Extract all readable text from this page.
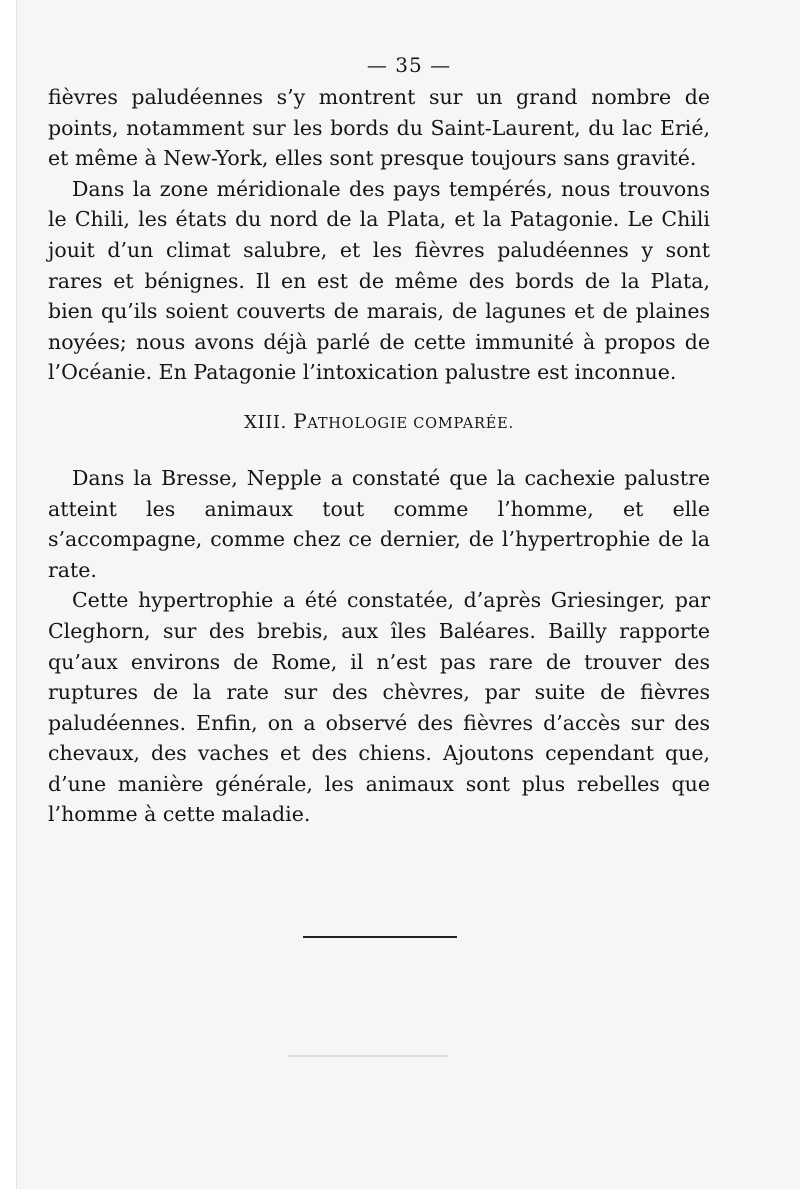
— 35 —

fièvres paludéennes s’y montrent sur un grand nombre de points, notamment sur les bords du Saint-Laurent, du lac Erié, et même à New-York, elles sont presque toujours sans gravité.

Dans la zone méridionale des pays tempérés, nous trouvons le Chili, les états du nord de la Plata, et la Patagonie. Le Chili jouit d’un climat salubre, et les fièvres paludéennes y sont rares et bénignes. Il en est de même des bords de la Plata, bien qu’ils soient couverts de marais, de lagunes et de plaines noyées; nous avons déjà parlé de cette immunité à propos de l’Océanie. En Patagonie l’intoxication palustre est inconnue.

XIII. PATHOLOGIE COMPARÉE.

Dans la Bresse, Nepple a constaté que la cachexie palustre atteint les animaux tout comme l’homme, et elle s’accompagne, comme chez ce dernier, de l’hypertrophie de la rate.

Cette hypertrophie a été constatée, d’après Griesinger, par Cleghorn, sur des brebis, aux îles Baléares. Bailly rapporte qu’aux environs de Rome, il n’est pas rare de trouver des ruptures de la rate sur des chèvres, par suite de fièvres paludéennes. Enfin, on a observé des fièvres d’accès sur des chevaux, des vaches et des chiens. Ajoutons cependant que, d’une manière générale, les animaux sont plus rebelles que l’homme à cette maladie.
